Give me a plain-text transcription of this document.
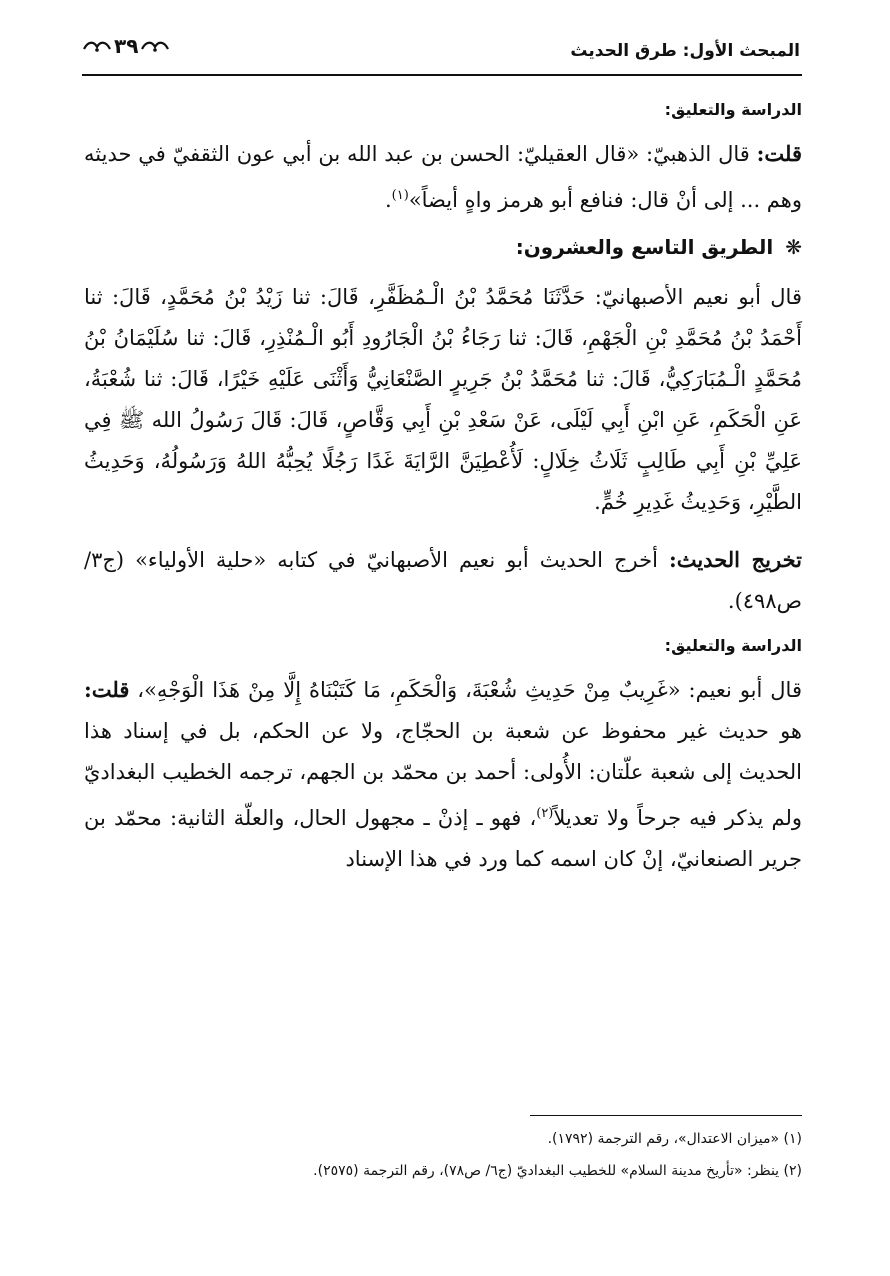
المبحث الأول: طرق الحديث
٣٩
الدراسة والتعليق:

قلت: قال الذهبيّ: «قال العقيليّ: الحسن بن عبد الله بن أبي عون الثقفيّ في حديثه وهم ... إلى أنْ قال: فنافع أبو هرمز واهٍ أيضاً»$^{(١)}$.

❋
الطريق التاسع والعشرون:

قال أبو نعيم الأصبهانيّ: حَدَّثَنَا مُحَمَّدُ بْنُ الْـمُظَفَّرِ، قَالَ: ثنا زَيْدُ بْنُ مُحَمَّدٍ، قَالَ: ثنا أَحْمَدُ بْنُ مُحَمَّدِ بْنِ الْجَهْمِ، قَالَ: ثنا رَجَاءُ بْنُ الْجَارُودِ أَبُو الْـمُنْذِرِ، قَالَ: ثنا سُلَيْمَانُ بْنُ مُحَمَّدٍ الْـمُبَارَكِيُّ، قَالَ: ثنا مُحَمَّدُ بْنُ جَرِيرٍ الصَّنْعَانِيُّ وَأَثْنَى عَلَيْهِ خَيْرًا، قَالَ: ثنا شُعْبَةُ، عَنِ الْحَكَمِ، عَنِ ابْنِ أَبِي لَيْلَى، عَنْ سَعْدِ بْنِ أَبِي وَقَّاصٍ، قَالَ: قَالَ رَسُولُ الله ﷺ فِي عَلِيِّ بْنِ أَبِي طَالِبٍ ثَلَاثُ خِلَالٍ: لَأُعْطِيَنَّ الرَّايَةَ غَدًا رَجُلًا يُحِبُّهُ اللهُ وَرَسُولُهُ، وَحَدِيثُ الطَّيْرِ، وَحَدِيثُ غَدِيرِ خُمٍّ.

تخريج الحديث: أخرج الحديث أبو نعيم الأصبهانيّ في كتابه «حلية الأولياء» (ج٣/ ص٤٩٨).

الدراسة والتعليق:

قال أبو نعيم: «غَرِيبٌ مِنْ حَدِيثِ شُعْبَةَ، وَالْحَكَمِ، مَا كَتَبْنَاهُ إِلَّا مِنْ هَذَا الْوَجْهِ»، قلت: هو حديث غير محفوظ عن شعبة بن الحجّاج، ولا عن الحكم، بل في إسناد هذا الحديث إلى شعبة علّتان: الأُولى: أحمد بن محمّد بن الجهم، ترجمه الخطيب البغداديّ ولم يذكر فيه جرحاً ولا تعديلاً$^{(٢)}$، فهو ـ إذنْ ـ مجهول الحال، والعلّة الثانية: محمّد بن جرير الصنعانيّ، إنْ كان اسمه كما ورد في هذا الإسناد

(١) «ميزان الاعتدال»، رقم الترجمة (١٧٩٢).

(٢) ينظر: «تأريخ مدينة السلام» للخطيب البغداديّ (ج٦/ ص٧٨)، رقم الترجمة (٢٥٧٥).
